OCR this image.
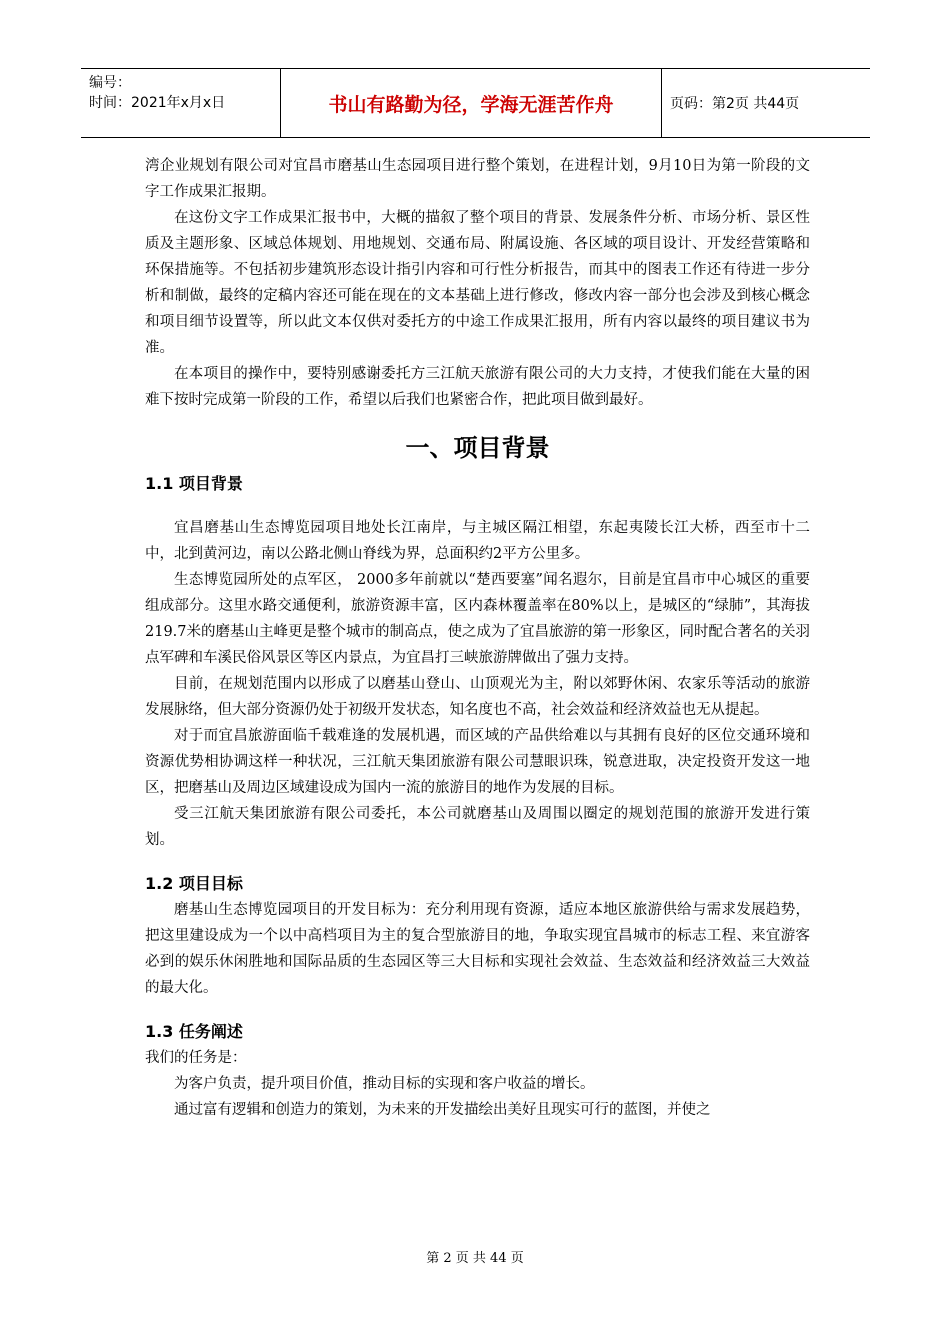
编号：
时间：2021年x月x日	书山有路勤为径，学海无涯苦作舟	页码：第2页 共44页

湾企业规划有限公司对宜昌市磨基山生态园项目进行整个策划，在进程计划，9月10日为第一阶段的文字工作成果汇报期。

在这份文字工作成果汇报书中，大概的描叙了整个项目的背景、发展条件分析、市场分析、景区性质及主题形象、区域总体规划、用地规划、交通布局、附属设施、各区域的项目设计、开发经营策略和环保措施等。不包括初步建筑形态设计指引内容和可行性分析报告，而其中的图表工作还有待进一步分析和制做，最终的定稿内容还可能在现在的文本基础上进行修改，修改内容一部分也会涉及到核心概念和项目细节设置等，所以此文本仅供对委托方的中途工作成果汇报用，所有内容以最终的项目建议书为准。

在本项目的操作中，要特别感谢委托方三江航天旅游有限公司的大力支持，才使我们能在大量的困难下按时完成第一阶段的工作，希望以后我们也紧密合作，把此项目做到最好。

一、项目背景
1.1 项目背景

宜昌磨基山生态博览园项目地处长江南岸，与主城区隔江相望，东起夷陵长江大桥，西至市十二中，北到黄河边，南以公路北侧山脊线为界，总面积约2平方公里多。

生态博览园所处的点军区， 2000多年前就以“楚西要塞”闻名遐尔，目前是宜昌市中心城区的重要组成部分。这里水路交通便利，旅游资源丰富，区内森林覆盖率在80%以上，是城区的“绿肺”，其海拔219.7米的磨基山主峰更是整个城市的制高点，使之成为了宜昌旅游的第一形象区，同时配合著名的关羽点军碑和车溪民俗风景区等区内景点，为宜昌打三峡旅游牌做出了强力支持。

目前，在规划范围内以形成了以磨基山登山、山顶观光为主，附以郊野休闲、农家乐等活动的旅游发展脉络，但大部分资源仍处于初级开发状态，知名度也不高，社会效益和经济效益也无从提起。

对于而宜昌旅游面临千载难逢的发展机遇，而区域的产品供给难以与其拥有良好的区位交通环境和资源优势相协调这样一种状况，三江航天集团旅游有限公司慧眼识珠，锐意进取，决定投资开发这一地区，把磨基山及周边区域建设成为国内一流的旅游目的地作为发展的目标。

受三江航天集团旅游有限公司委托，本公司就磨基山及周围以圈定的规划范围的旅游开发进行策划。

1.2 项目目标

磨基山生态博览园项目的开发目标为：充分利用现有资源，适应本地区旅游供给与需求发展趋势，把这里建设成为一个以中高档项目为主的复合型旅游目的地，争取实现宜昌城市的标志工程、来宜游客必到的娱乐休闲胜地和国际品质的生态园区等三大目标和实现社会效益、生态效益和经济效益三大效益的最大化。

1.3 任务阐述

我们的任务是：

为客户负责，提升项目价值，推动目标的实现和客户收益的增长。

通过富有逻辑和创造力的策划，为未来的开发描绘出美好且现实可行的蓝图，并使之

第 2 页 共 44 页
